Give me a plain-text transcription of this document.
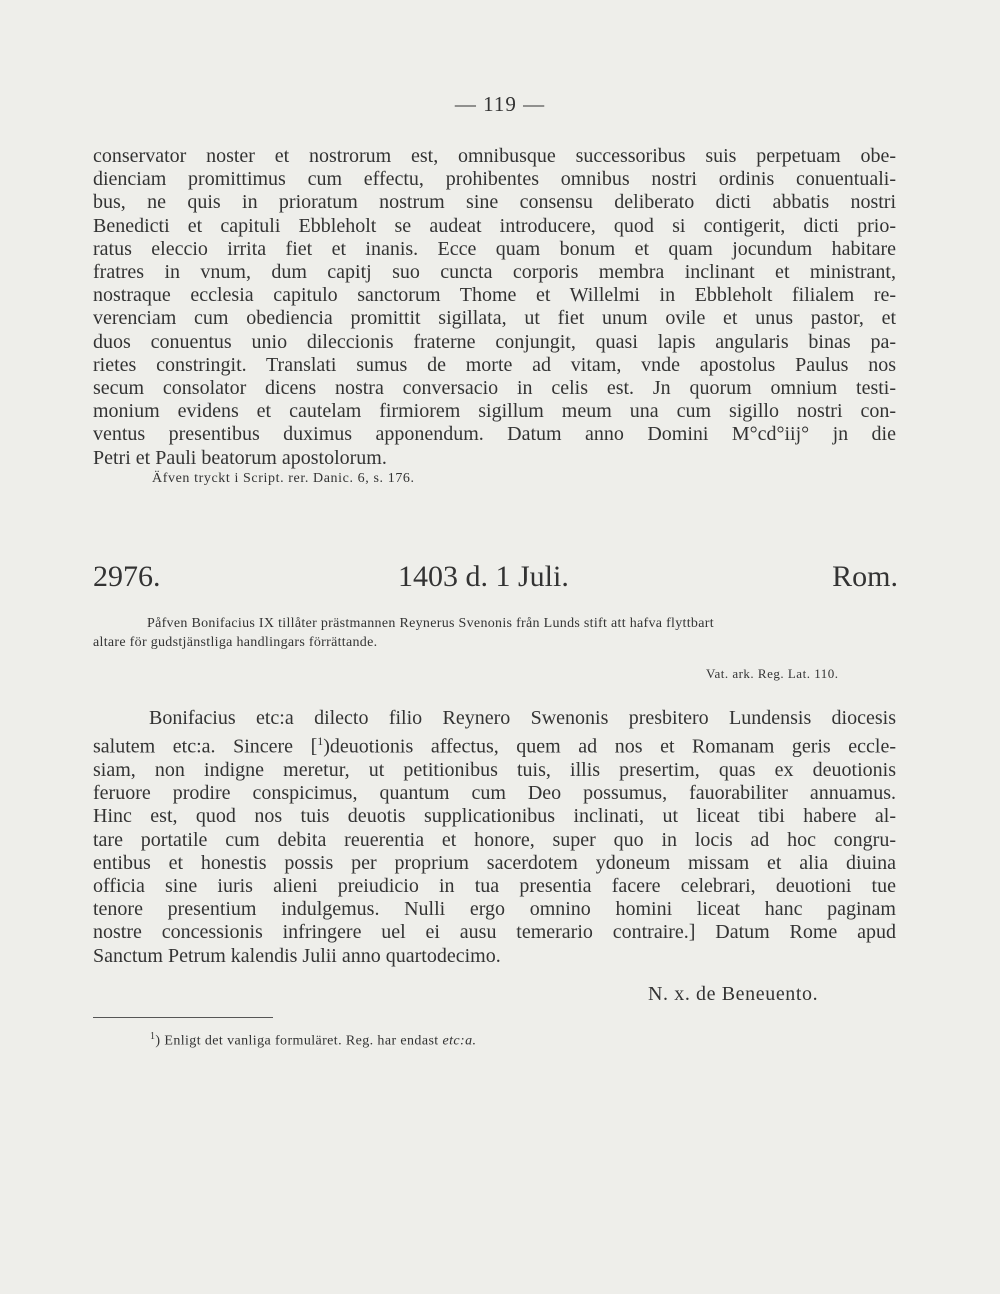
— 119 —
conservator noster et nostrorum est, omnibusque successoribus suis perpetuam obe-
dienciam promittimus cum effectu, prohibentes omnibus nostri ordinis conuentuali-
bus, ne quis in prioratum nostrum sine consensu deliberato dicti abbatis nostri
Benedicti et capituli Ebbleholt se audeat introducere, quod si contigerit, dicti prio-
ratus eleccio irrita fiet et inanis. Ecce quam bonum et quam jocundum habitare
fratres in vnum, dum capitj suo cuncta corporis membra inclinant et ministrant,
nostraque ecclesia capitulo sanctorum Thome et Willelmi in Ebbleholt filialem re-
verenciam cum obediencia promittit sigillata, ut fiet unum ovile et unus pastor, et
duos conuentus unio dileccionis fraterne conjungit, quasi lapis angularis binas pa-
rietes constringit. Translati sumus de morte ad vitam, vnde apostolus Paulus nos
secum consolator dicens nostra conversacio in celis est. Jn quorum omnium testi-
monium evidens et cautelam firmiorem sigillum meum una cum sigillo nostri con-
ventus presentibus duximus apponendum. Datum anno Domini M°cd°iij° jn die
Petri et Pauli beatorum apostolorum.
Äfven tryckt i Script. rer. Danic. 6, s. 176.
2976.	1403 d. 1 Juli.	Rom.
Påfven Bonifacius IX tillåter prästmannen Reynerus Svenonis från Lunds stift att hafva flyttbart
altare för gudstjänstliga handlingars förrättande.
Vat. ark. Reg. Lat. 110.
Bonifacius etc:a dilecto filio Reynero Swenonis presbitero Lundensis diocesis
salutem etc:a. Sincere [$^1$)deuotionis affectus, quem ad nos et Romanam geris eccle-
siam, non indigne meretur, ut petitionibus tuis, illis presertim, quas ex deuotionis
feruore prodire conspicimus, quantum cum Deo possumus, fauorabiliter annuamus.
Hinc est, quod nos tuis deuotis supplicationibus inclinati, ut liceat tibi habere al-
tare portatile cum debita reuerentia et honore, super quo in locis ad hoc congru-
entibus et honestis possis per proprium sacerdotem ydoneum missam et alia diuina
officia sine iuris alieni preiudicio in tua presentia facere celebrari, deuotioni tue
tenore presentium indulgemus. Nulli ergo omnino homini liceat hanc paginam
nostre concessionis infringere uel ei ausu temerario contraire.] Datum Rome apud
Sanctum Petrum kalendis Julii anno quartodecimo.
N. x. de Beneuento.
$^1$) Enligt det vanliga formuläret. Reg. har endast etc:a.
